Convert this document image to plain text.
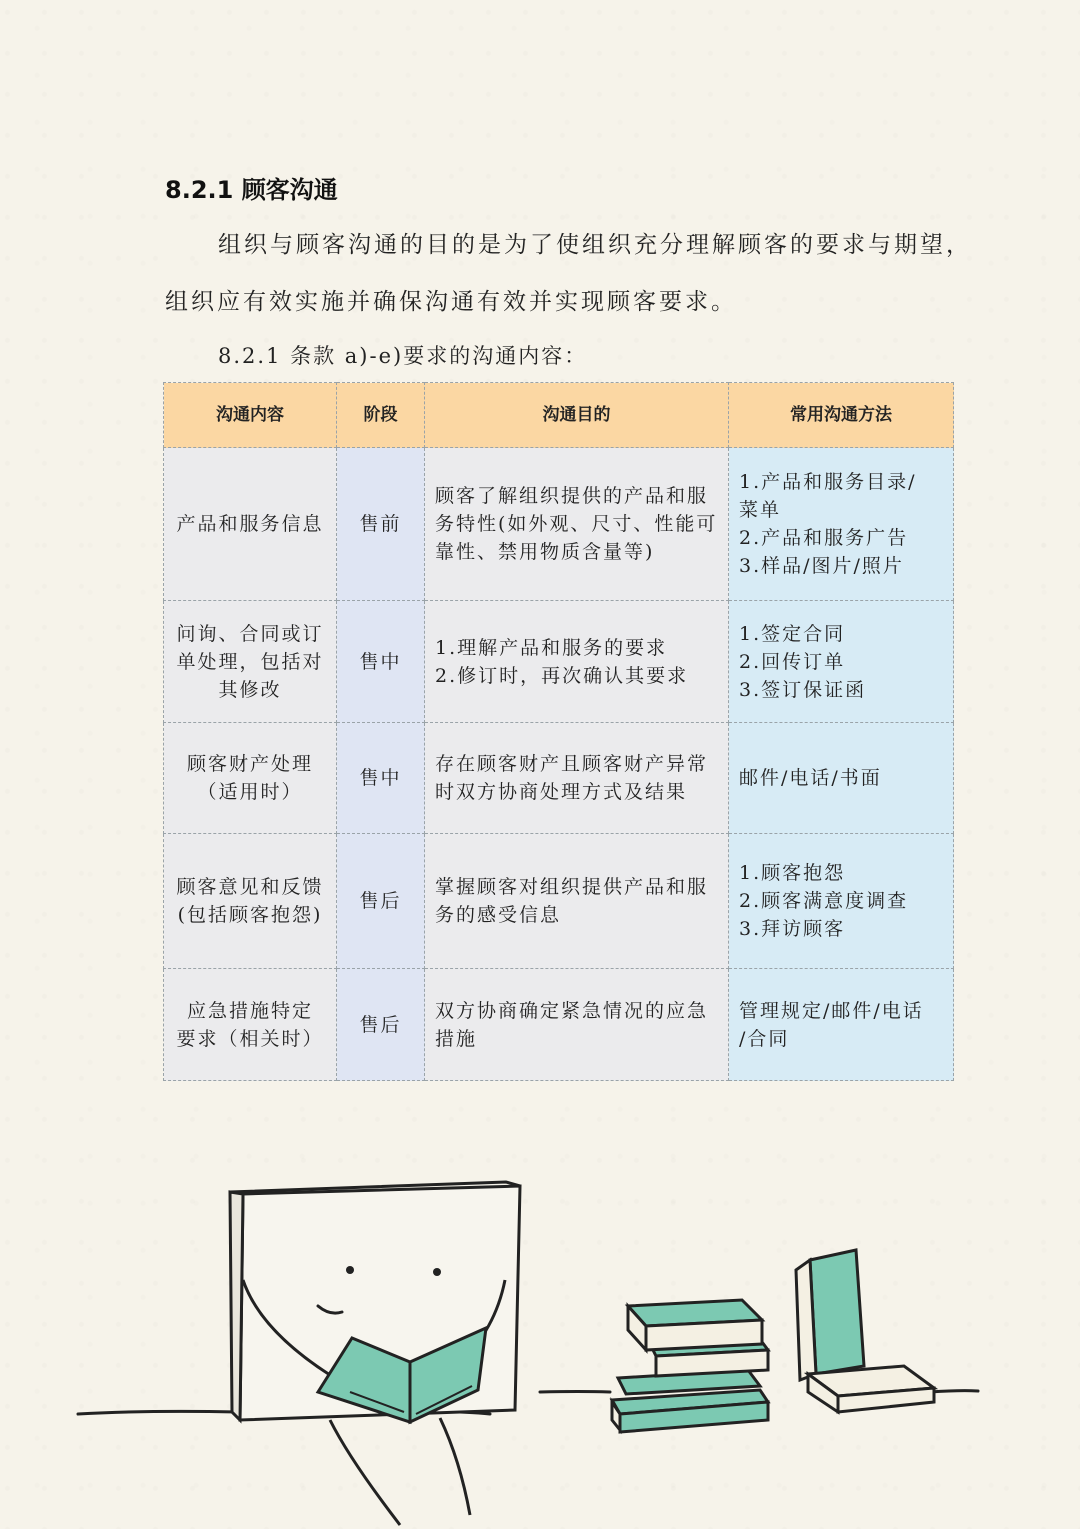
8.2.1 顾客沟通
组织与顾客沟通的目的是为了使组织充分理解顾客的要求与期望，
组织应有效实施并确保沟通有效并实现顾客要求。
8.2.1 条款 a)-e)要求的沟通内容：
沟通内容	阶段	沟通目的	常用沟通方法

产品和服务信息	售前	顾客了解组织提供的产品和服
务特性(如外观、尺寸、性能可
靠性、禁用物质含量等)	1.产品和服务目录/
菜单
2.产品和服务广告
3.样品/图片/照片

问询、合同或订
单处理，包括对
其修改	售中	1.理解产品和服务的要求
2.修订时，再次确认其要求	1.签定合同
2.回传订单
3.签订保证函

顾客财产处理
（适用时）	售中	存在顾客财产且顾客财产异常
时双方协商处理方式及结果	邮件/电话/书面

顾客意见和反馈
(包括顾客抱怨)	售后	掌握顾客对组织提供产品和服
务的感受信息	1.顾客抱怨
2.顾客满意度调查
3.拜访顾客

应急措施特定
要求（相关时）	售后	双方协商确定紧急情况的应急
措施	管理规定/邮件/电话
/合同
